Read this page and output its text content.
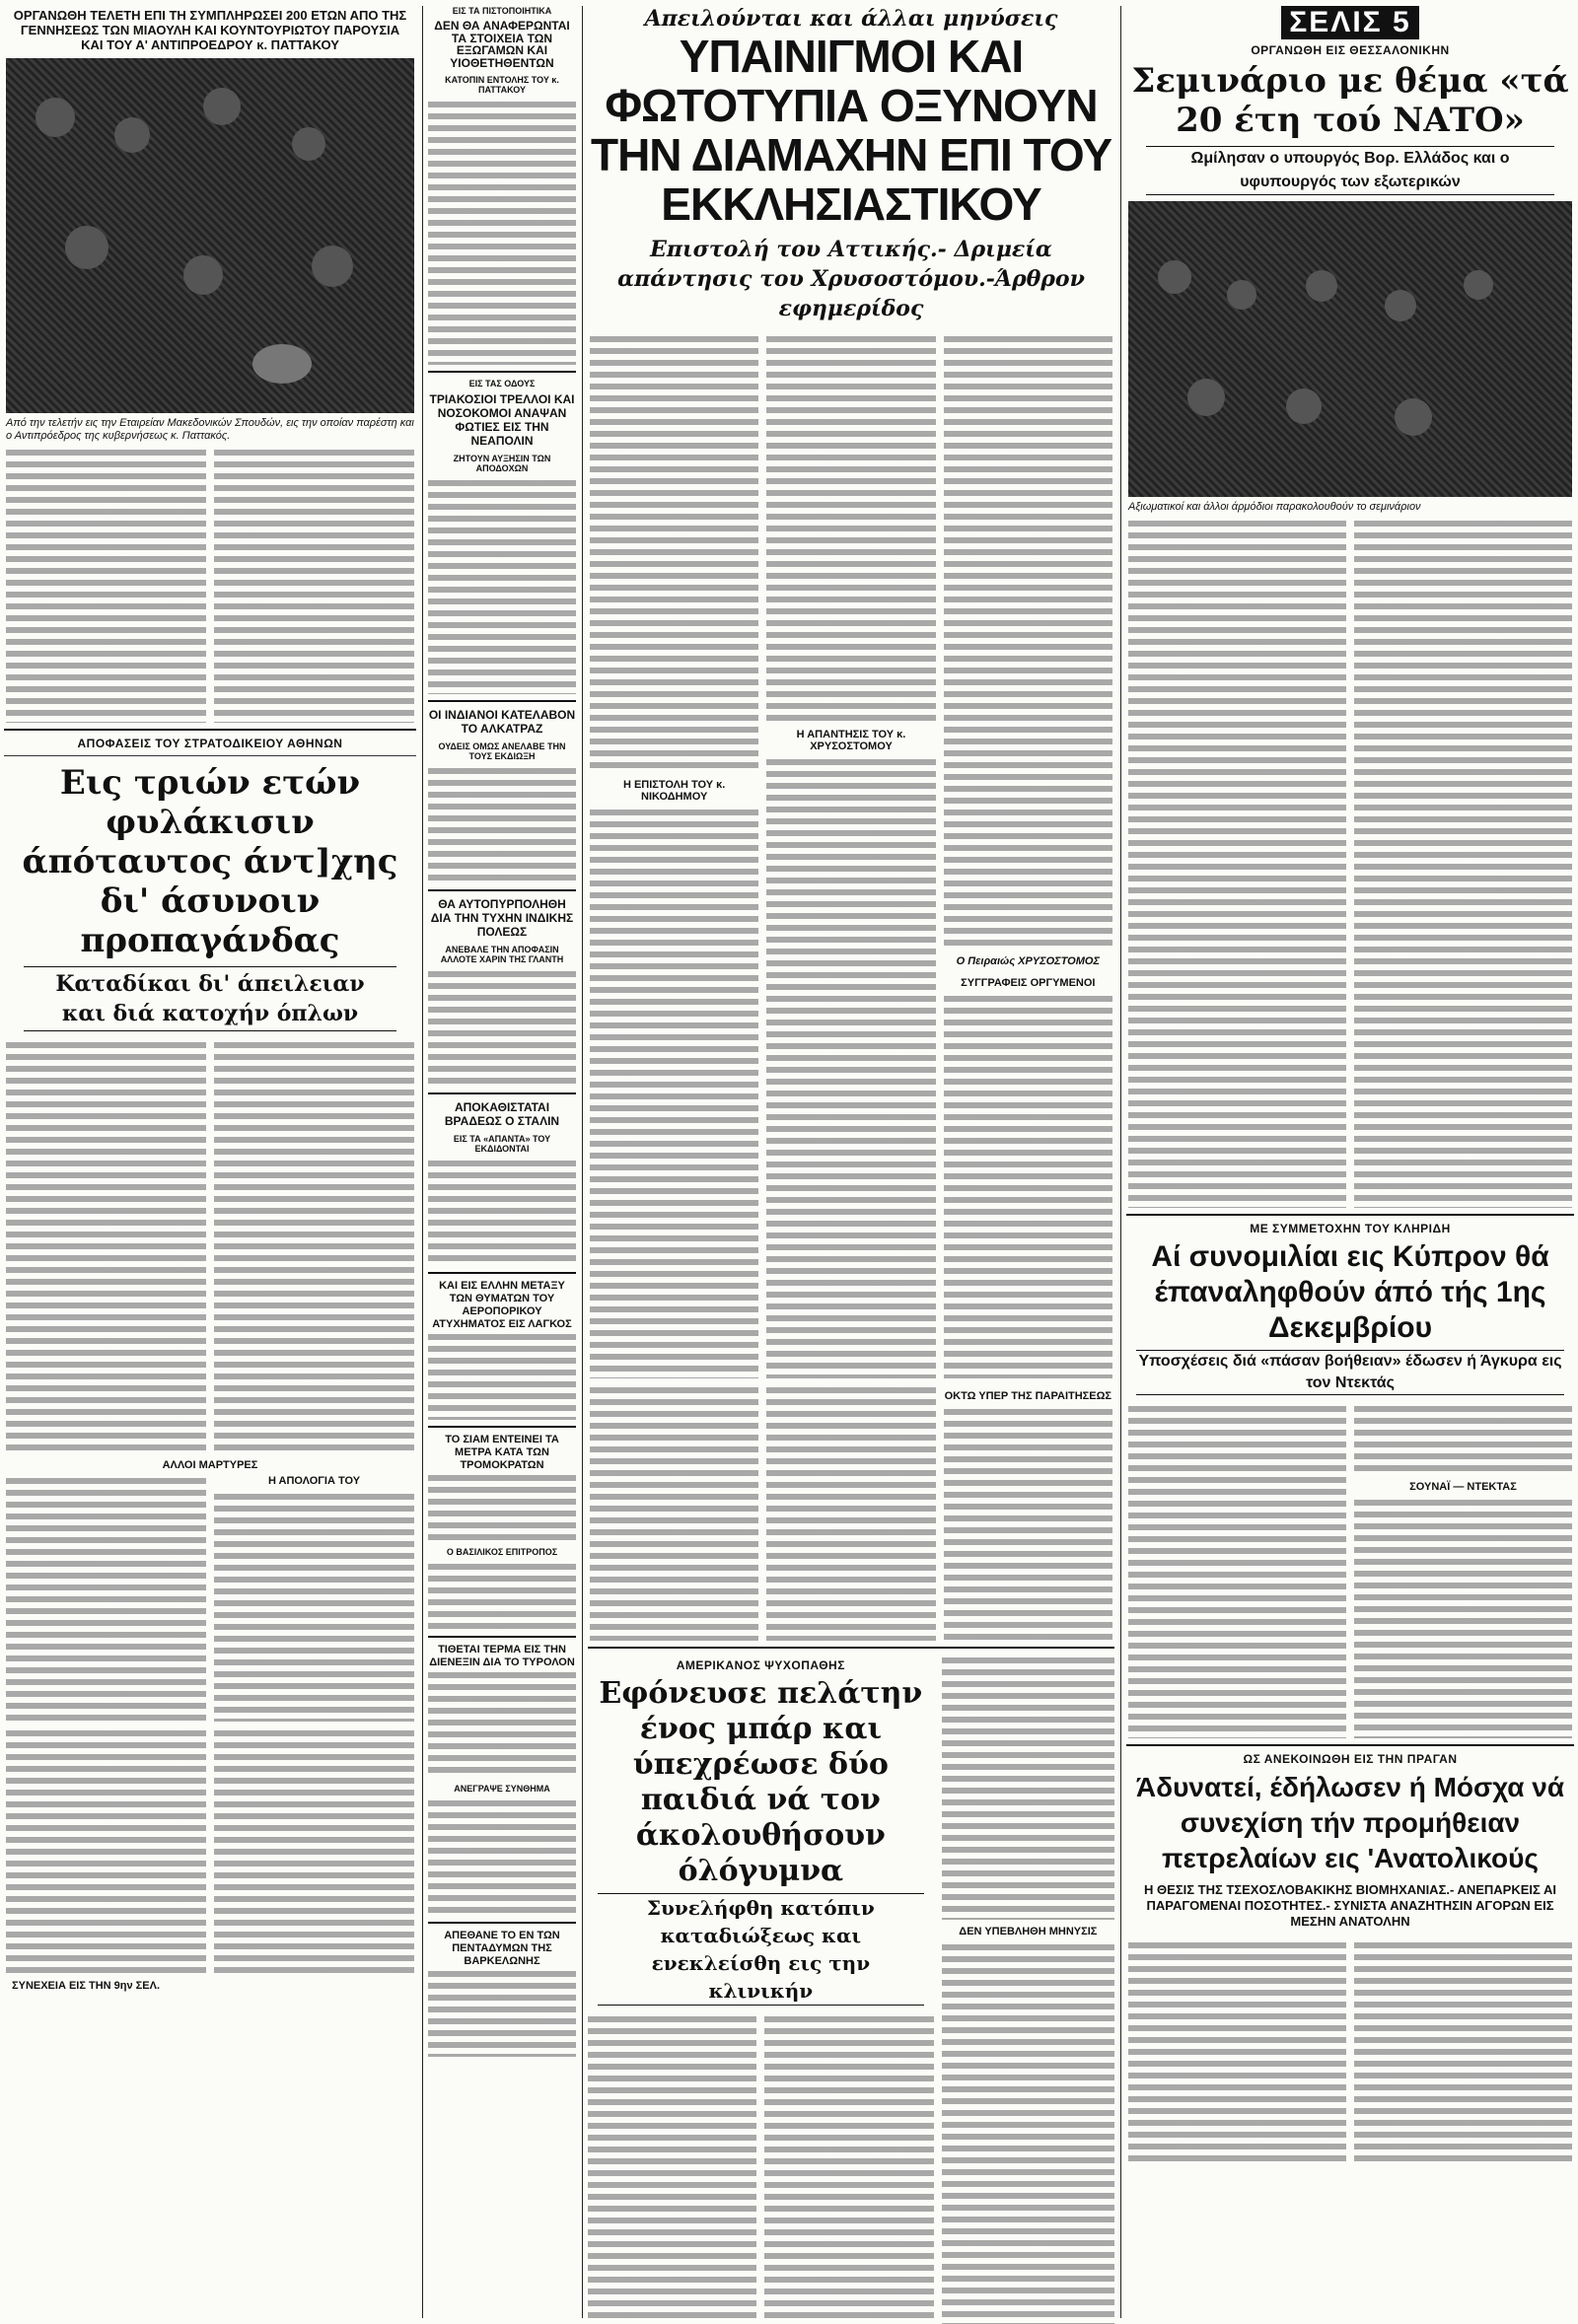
ΟΡΓΑΝΩΘΗ ΤΕΛΕΤΗ ΕΠΙ ΤΗ ΣΥΜΠΛΗΡΩΣΕΙ 200 ΕΤΩΝ ΑΠΟ ΤΗΣ ΓΕΝΝΗΣΕΩΣ ΤΩΝ ΜΙΑΟΥΛΗ ΚΑΙ ΚΟΥΝΤΟΥΡΙΩΤΟΥ ΠΑΡΟΥΣΙΑ ΚΑΙ ΤΟΥ Α' ΑΝΤΙΠΡΟΕΔΡΟΥ κ. ΠΑΤΤΑΚΟΥ
Από την τελετήν εις την Εταιρείαν Μακεδονικών Σπουδών, εις την οποίαν παρέστη και ο Αντιπρόεδρος της κυβερνήσεως κ. Παττακός.
ΑΠΟΦΑΣΕΙΣ ΤΟΥ ΣΤΡΑΤΟΔΙΚΕΙΟΥ ΑΘΗΝΩΝ
Εις τριών ετών φυλάκισιν άπόταυτος άντ]χης δι' άσυνοιν προπαγάνδας
Καταδίκαι δι' άπειλειαν και διά κατοχήν όπλων
ΑΛΛΟΙ ΜΑΡΤΥΡΕΣ
Η ΑΠΟΛΟΓΙΑ ΤΟΥ
ΣΥΝΕΧΕΙΑ ΕΙΣ ΤΗΝ 9ην ΣΕΛ.
ΕΙΣ ΤΑ ΠΙΣΤΟΠΟΙΗΤΙΚΑ
ΔΕΝ ΘΑ ΑΝΑΦΕΡΩΝΤΑΙ ΤΑ ΣΤΟΙΧΕΙΑ ΤΩΝ ΕΞΩΓΑΜΩΝ ΚΑΙ ΥΙΟΘΕΤΗΘΕΝΤΩΝ
ΚΑΤΟΠΙΝ ΕΝΤΟΛΗΣ ΤΟΥ κ. ΠΑΤΤΑΚΟΥ
ΕΙΣ ΤΑΣ ΟΔΟΥΣ
ΤΡΙΑΚΟΣΙΟΙ ΤΡΕΛΛΟΙ ΚΑΙ ΝΟΣΟΚΟΜΟΙ ΑΝΑΨΑΝ ΦΩΤΙΕΣ ΕΙΣ ΤΗΝ ΝΕΑΠΟΛΙΝ
ΖΗΤΟΥΝ ΑΥΞΗΣΙΝ ΤΩΝ ΑΠΟΔΟΧΩΝ
ΟΙ ΙΝΔΙΑΝΟΙ ΚΑΤΕΛΑΒΟΝ ΤΟ ΑΛΚΑΤΡΑΖ
ΟΥΔΕΙΣ ΟΜΩΣ ΑΝΕΛΑΒΕ ΤΗΝ ΤΟΥΣ ΕΚΔΙΩΞΗ
ΘΑ ΑΥΤΟΠΥΡΠΟΛΗΘΗ ΔΙΑ ΤΗΝ ΤΥΧΗΝ ΙΝΔΙΚΗΣ ΠΟΛΕΩΣ
ΑΝΕΒΑΛΕ ΤΗΝ ΑΠΟΦΑΣΙΝ ΑΛΛΟΤΕ ΧΑΡΙΝ ΤΗΣ ΓΛΑΝΤΗ
ΑΠΟΚΑΘΙΣΤΑΤΑΙ ΒΡΑΔΕΩΣ Ο ΣΤΑΛΙΝ
ΕΙΣ ΤΑ «ΑΠΑΝΤΑ» ΤΟΥ ΕΚΔΙΔΟΝΤΑΙ
ΚΑΙ ΕΙΣ ΕΛΛΗΝ ΜΕΤΑΞΥ ΤΩΝ ΘΥΜΑΤΩΝ ΤΟΥ ΑΕΡΟΠΟΡΙΚΟΥ ΑΤΥΧΗΜΑΤΟΣ ΕΙΣ ΛΑΓΚΟΣ
ΤΟ ΣΙΑΜ ΕΝΤΕΙΝΕΙ ΤΑ ΜΕΤΡΑ ΚΑΤΑ ΤΩΝ ΤΡΟΜΟΚΡΑΤΩΝ
Ο ΒΑΣΙΛΙΚΟΣ ΕΠΙΤΡΟΠΟΣ
ΤΙΘΕΤΑΙ ΤΕΡΜΑ ΕΙΣ ΤΗΝ ΔΙΕΝΕΞΙΝ ΔΙΑ ΤΟ ΤΥΡΟΛΟΝ
ΑΝΕΓΡΑΨΕ ΣΥΝΘΗΜΑ
ΑΠΕΘΑΝΕ ΤΟ ΕΝ ΤΩΝ ΠΕΝΤΑΔΥΜΩΝ ΤΗΣ ΒΑΡΚΕΛΩΝΗΣ
Απειλούνται και άλλαι μηνύσεις
ΥΠΑΙΝΙΓΜΟΙ ΚΑΙ ΦΩΤΟΤΥΠΙΑ ΟΞΥΝΟΥΝ ΤΗΝ ΔΙΑΜΑΧΗΝ ΕΠΙ ΤΟΥ ΕΚΚΛΗΣΙΑΣΤΙΚΟΥ
Επιστολή του Αττικής.- Δριμεία απάντησις του Χρυσοστόμου.-Άρθρον εφημερίδος
Η ΕΠΙΣΤΟΛΗ ΤΟΥ κ. ΝΙΚΟΔΗΜΟΥ
Η ΑΠΑΝΤΗΣΙΣ ΤΟΥ κ. ΧΡΥΣΟΣΤΟΜΟΥ
Ο Πειραιώς ΧΡΥΣΟΣΤΟΜΟΣ
ΣΥΓΓΡΑΦΕΙΣ ΟΡΓΥΜΕΝΟΙ
ΟΚΤΩ ΥΠΕΡ ΤΗΣ ΠΑΡΑΙΤΗΣΕΩΣ
ΑΜΕΡΙΚΑΝΟΣ ΨΥΧΟΠΑΘΗΣ
Εφόνευσε πελάτην ένος μπάρ και ύπεχρέωσε δύο παιδιά νά τον άκολουθήσουν όλόγυμνα
Συνελήφθη κατόπιν καταδιώξεως και ενεκλείσθη εις την κλινικήν
ΔΕΝ ΥΠΕΒΛΗΘΗ ΜΗΝΥΣΙΣ
ΣΕΛΙΣ 5
ΟΡΓΑΝΩΘΗ ΕΙΣ ΘΕΣΣΑΛΟΝΙΚΗΝ
Σεμινάριο με θέμα «τά 20 έτη τού ΝΑΤΟ»
Ωμίλησαν ο υπουργός Βορ. Ελλάδος και ο υφυπουργός των εξωτερικών
Αξιωματικοί και άλλοι άρμόδιοι παρακολουθούν το σεμινάριον
ΜΕ ΣΥΜΜΕΤΟΧΗΝ ΤΟΥ ΚΛΗΡΙΔΗ
Αί συνομιλίαι εις Κύπρον θά έπαναληφθούν άπό τής 1ης Δεκεμβρίου
Υποσχέσεις διά «πάσαν βοήθειαν» έδωσεν ή Άγκυρα εις τον Ντεκτάς
ΣΟΥΝΑΪ — ΝΤΕΚΤΑΣ
ΩΣ ΑΝΕΚΟΙΝΩΘΗ ΕΙΣ ΤΗΝ ΠΡΑΓΑΝ
Άδυνατεί, έδήλωσεν ή Μόσχα νά συνεχίση τήν προμήθειαν πετρελαίων εις 'Ανατολικούς
Η ΘΕΣΙΣ ΤΗΣ ΤΣΕΧΟΣΛΟΒΑΚΙΚΗΣ ΒΙΟΜΗΧΑΝΙΑΣ.- ΑΝΕΠΑΡΚΕΙΣ ΑΙ ΠΑΡΑΓΟΜΕΝΑΙ ΠΟΣΟΤΗΤΕΣ.- ΣΥΝΙΣΤΑ ΑΝΑΖΗΤΗΣΙΝ ΑΓΟΡΩΝ ΕΙΣ ΜΕΣΗΝ ΑΝΑΤΟΛΗΝ
